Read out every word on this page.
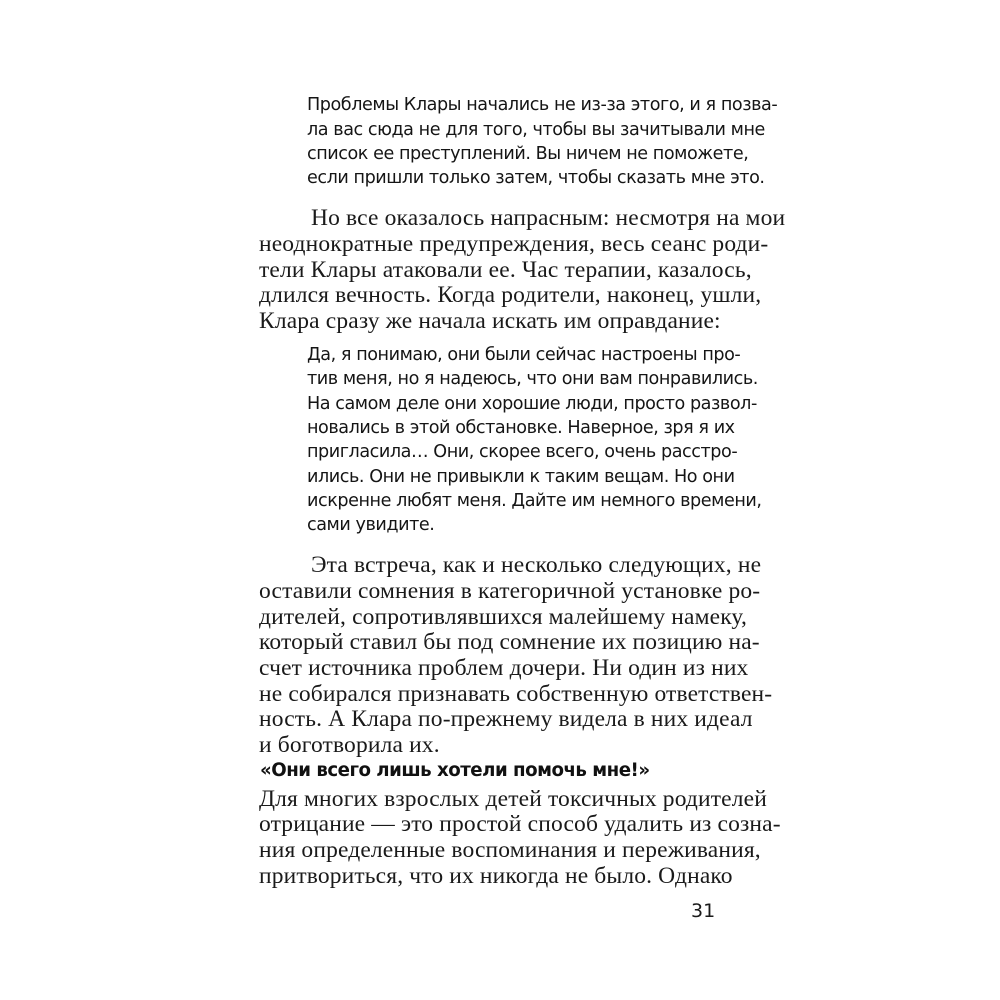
Проблемы Клары начались не из-за этого, и я позва-

ла вас сюда не для того, чтобы вы зачитывали мне

список ее преступлений. Вы ничем не поможете,

если пришли только затем, чтобы сказать мне это.

Но все оказалось напрасным: несмотря на мои

неоднократные предупреждения, весь сеанс роди-

тели Клары атаковали ее. Час терапии, казалось,

длился вечность. Когда родители, наконец, ушли,

Клара сразу же начала искать им оправдание:

Да, я понимаю, они были сейчас настроены про-

тив меня, но я надеюсь, что они вам понравились.

На самом деле они хорошие люди, просто развол-

новались в этой обстановке. Наверное, зря я их

пригласила… Они, скорее всего, очень расстро-

ились. Они не привыкли к таким вещам. Но они

искренне любят меня. Дайте им немного времени,

сами увидите.

Эта встреча, как и несколько следующих, не

оставили сомнения в категоричной установке ро-

дителей, сопротивлявшихся малейшему намеку,

который ставил бы под сомнение их позицию на-

счет источника проблем дочери. Ни один из них

не собирался признавать собственную ответствен-

ность. А Клара по-прежнему видела в них идеал

и боготворила их.

«Они всего лишь хотели помочь мне!»

Для многих взрослых детей токсичных родителей

отрицание — это простой способ удалить из созна-

ния определенные воспоминания и переживания,

притвориться, что их никогда не было. Однако

31
